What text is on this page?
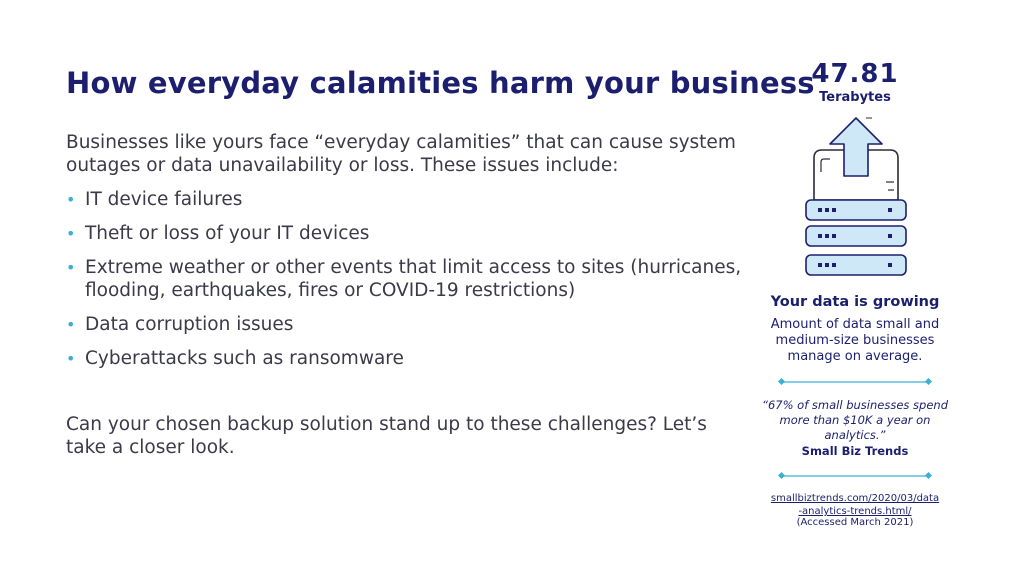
How everyday calamities harm your business

Businesses like yours face “everyday calamities” that can cause system outages or data unavailability or loss. These issues include:

• IT device failures
• Theft or loss of your IT devices
• Extreme weather or other events that limit access to sites (hurricanes, flooding, earthquakes, fires or COVID-19 restrictions)
• Data corruption issues
• Cyberattacks such as ransomware

Can your chosen backup solution stand up to these challenges? Let’s take a closer look.

47.81
Terabytes
Your data is growing
Amount of data small and medium-size businesses manage on average.
“67% of small businesses spend more than $10K a year on analytics.”
Small Biz Trends
smallbiztrends.com/2020/03/data-analytics-trends.html/
(Accessed March 2021)
